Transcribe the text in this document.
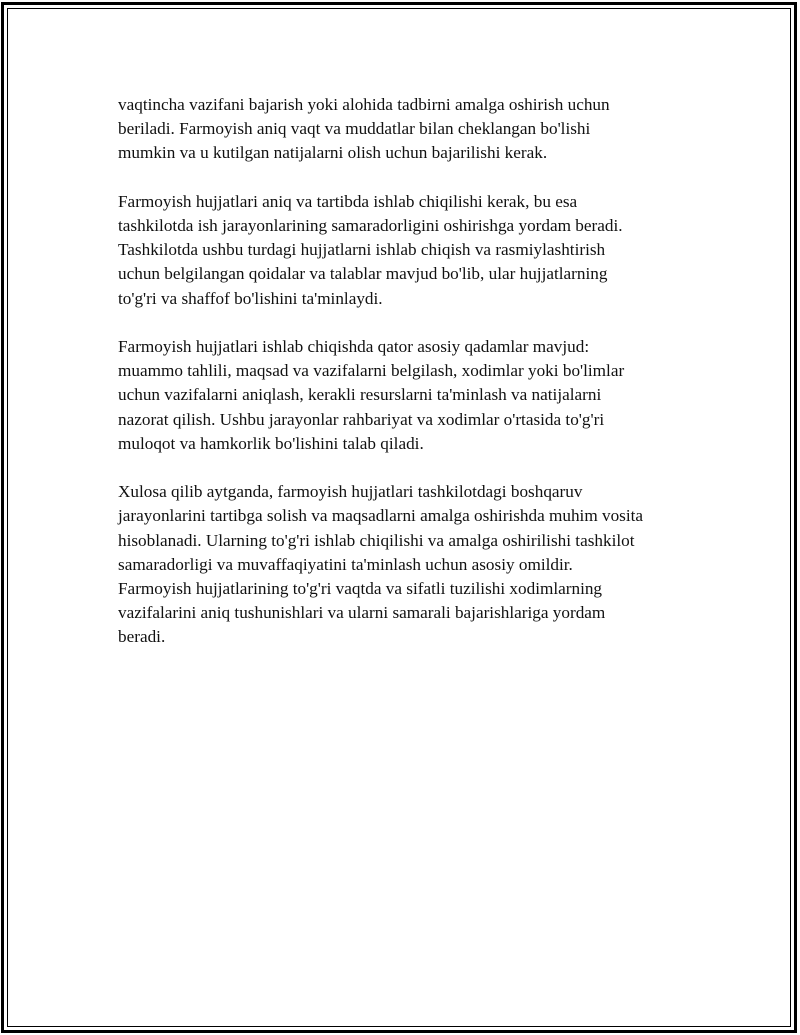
vaqtincha vazifani bajarish yoki alohida tadbirni amalga oshirish uchun
beriladi. Farmoyish aniq vaqt va muddatlar bilan cheklangan bo'lishi
mumkin va u kutilgan natijalarni olish uchun bajarilishi kerak.

Farmoyish hujjatlari aniq va tartibda ishlab chiqilishi kerak, bu esa
tashkilotda ish jarayonlarining samaradorligini oshirishga yordam beradi.
Tashkilotda ushbu turdagi hujjatlarni ishlab chiqish va rasmiylashtirish
uchun belgilangan qoidalar va talablar mavjud bo'lib, ular hujjatlarning
to'g'ri va shaffof bo'lishini ta'minlaydi.

Farmoyish hujjatlari ishlab chiqishda qator asosiy qadamlar mavjud:
muammo tahlili, maqsad va vazifalarni belgilash, xodimlar yoki bo'limlar
uchun vazifalarni aniqlash, kerakli resurslarni ta'minlash va natijalarni
nazorat qilish. Ushbu jarayonlar rahbariyat va xodimlar o'rtasida to'g'ri
muloqot va hamkorlik bo'lishini talab qiladi.

Xulosa qilib aytganda, farmoyish hujjatlari tashkilotdagi boshqaruv
jarayonlarini tartibga solish va maqsadlarni amalga oshirishda muhim vosita
hisoblanadi. Ularning to'g'ri ishlab chiqilishi va amalga oshirilishi tashkilot
samaradorligi va muvaffaqiyatini ta'minlash uchun asosiy omildir.
Farmoyish hujjatlarining to'g'ri vaqtda va sifatli tuzilishi xodimlarning
vazifalarini aniq tushunishlari va ularni samarali bajarishlariga yordam
beradi.
